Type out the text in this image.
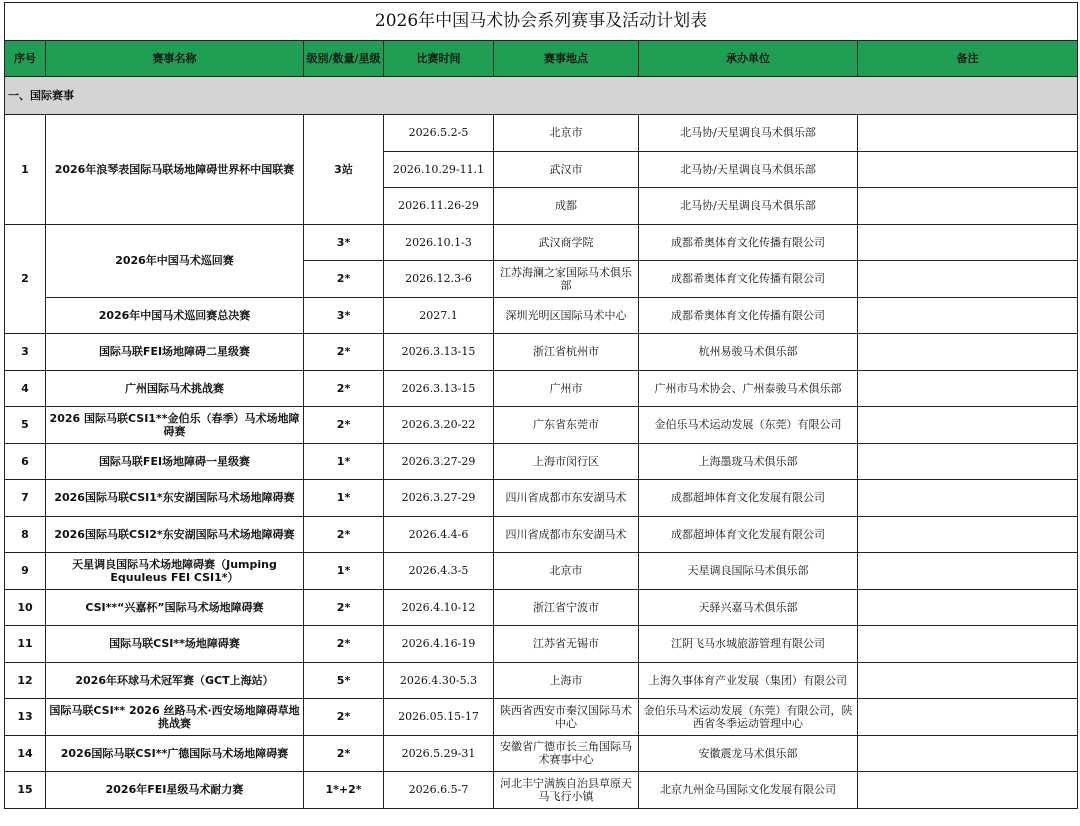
2026年中国马术协会系列赛事及活动计划表						
序号	赛事名称	级别/数量/星级	比赛时间	赛事地点	承办单位	备注
一、国际赛事						
1	2026年浪琴表国际马联场地障碍世界杯中国联赛	3站	2026.5.2-5	北京市	北马协/天星调良马术俱乐部	
			2026.10.29-11.1	武汉市	北马协/天星调良马术俱乐部	
			2026.11.26-29	成都	北马协/天星调良马术俱乐部	
2	2026年中国马术巡回赛	3*	2026.10.1-3	武汉商学院	成都希奥体育文化传播有限公司	
		2*	2026.12.3-6	江苏海澜之家国际马术俱乐部	成都希奥体育文化传播有限公司	
	2026年中国马术巡回赛总决赛	3*	2027.1	深圳光明区国际马术中心	成都希奥体育文化传播有限公司	
3	国际马联FEI场地障碍二星级赛	2*	2026.3.13-15	浙江省杭州市	杭州易骏马术俱乐部	
4	广州国际马术挑战赛	2*	2026.3.13-15	广州市	广州市马术协会、广州泰骏马术俱乐部	
5	2026 国际马联CSI1**金伯乐（春季）马术场地障碍赛	2*	2026.3.20-22	广东省东莞市	金伯乐马术运动发展（东莞）有限公司	
6	国际马联FEI场地障碍一星级赛	1*	2026.3.27-29	上海市闵行区	上海墨珑马术俱乐部	
7	2026国际马联CSI1*东安湖国际马术场地障碍赛	1*	2026.3.27-29	四川省成都市东安湖马术	成都超坤体育文化发展有限公司	
8	2026国际马联CSI2*东安湖国际马术场地障碍赛	2*	2026.4.4-6	四川省成都市东安湖马术	成都超坤体育文化发展有限公司	
9	天星调良国际马术场地障碍赛（Jumping Equuleus FEI CSI1*）	1*	2026.4.3-5	北京市	天星调良国际马术俱乐部	
10	CSI**“兴嘉杯”国际马术场地障碍赛	2*	2026.4.10-12	浙江省宁波市	天驿兴嘉马术俱乐部	
11	国际马联CSI**场地障碍赛	2*	2026.4.16-19	江苏省无锡市	江阴飞马水城旅游管理有限公司	
12	2026年环球马术冠军赛（GCT上海站）	5*	2026.4.30-5.3	上海市	上海久事体育产业发展（集团）有限公司	
13	国际马联CSI** 2026 丝路马术·西安场地障碍草地挑战赛	2*	2026.05.15-17	陕西省西安市秦汉国际马术中心	金伯乐马术运动发展（东莞）有限公司，陕西省冬季运动管理中心	
14	2026国际马联CSI**广德国际马术场地障碍赛	2*	2026.5.29-31	安徽省广德市长三角国际马术赛事中心	安徽震龙马术俱乐部	
15	2026年FEI星级马术耐力赛	1*+2*	2026.6.5-7	河北丰宁满族自治县草原天马飞行小镇	北京九州金马国际文化发展有限公司	
